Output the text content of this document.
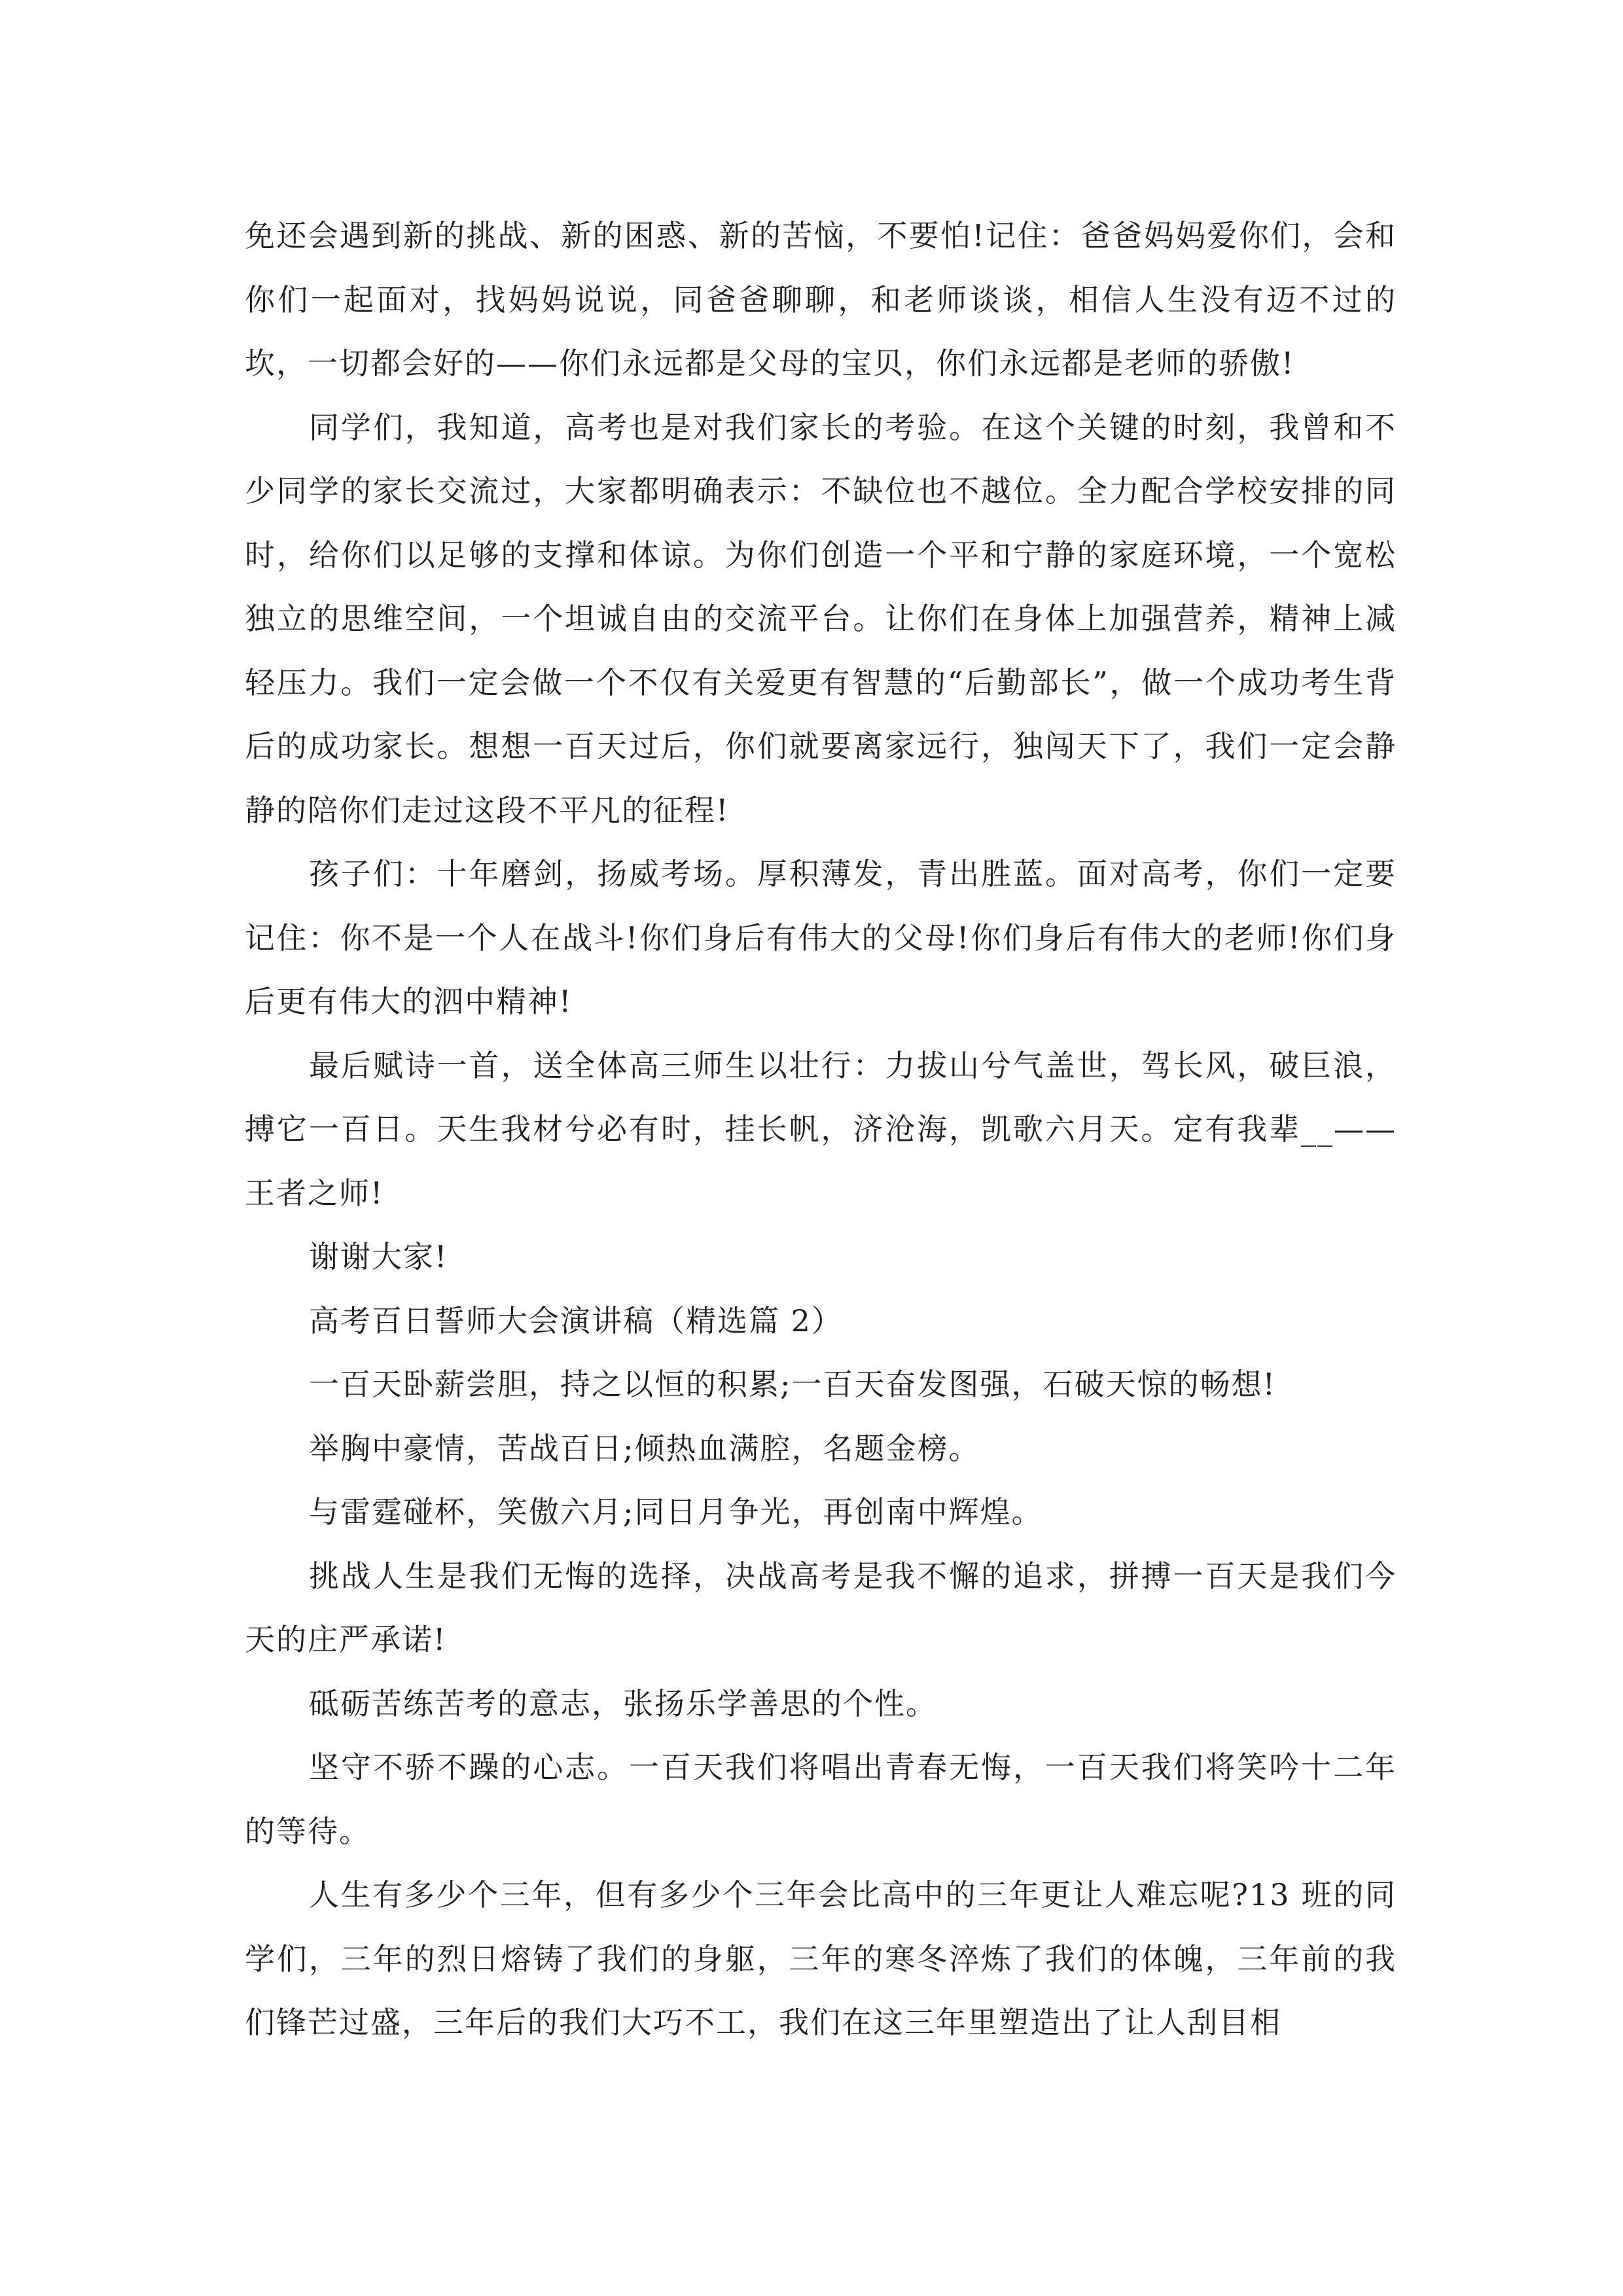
免还会遇到新的挑战、新的困惑、新的苦恼，不要怕!记住：爸爸妈妈爱你们，会和你们一起面对，找妈妈说说，同爸爸聊聊，和老师谈谈，相信人生没有迈不过的坎，一切都会好的——你们永远都是父母的宝贝，你们永远都是老师的骄傲!

同学们，我知道，高考也是对我们家长的考验。在这个关键的时刻，我曾和不少同学的家长交流过，大家都明确表示：不缺位也不越位。全力配合学校安排的同时，给你们以足够的支撑和体谅。为你们创造一个平和宁静的家庭环境，一个宽松独立的思维空间，一个坦诚自由的交流平台。让你们在身体上加强营养，精神上减轻压力。我们一定会做一个不仅有关爱更有智慧的“后勤部长”，做一个成功考生背后的成功家长。想想一百天过后，你们就要离家远行，独闯天下了，我们一定会静静的陪你们走过这段不平凡的征程!

孩子们：十年磨剑，扬威考场。厚积薄发，青出胜蓝。面对高考，你们一定要记住：你不是一个人在战斗!你们身后有伟大的父母!你们身后有伟大的老师!你们身后更有伟大的泗中精神!

最后赋诗一首，送全体高三师生以壮行：力拔山兮气盖世，驾长风，破巨浪，搏它一百日。天生我材兮必有时，挂长帆，济沧海，凯歌六月天。定有我辈__——王者之师!

谢谢大家!

高考百日誓师大会演讲稿（精选篇 2）

一百天卧薪尝胆，持之以恒的积累;一百天奋发图强，石破天惊的畅想!

举胸中豪情，苦战百日;倾热血满腔，名题金榜。

与雷霆碰杯，笑傲六月;同日月争光，再创南中辉煌。

挑战人生是我们无悔的选择，决战高考是我不懈的追求，拼搏一百天是我们今天的庄严承诺!

砥砺苦练苦考的意志，张扬乐学善思的个性。

坚守不骄不躁的心志。一百天我们将唱出青春无悔，一百天我们将笑吟十二年的等待。

人生有多少个三年，但有多少个三年会比高中的三年更让人难忘呢?13 班的同学们，三年的烈日熔铸了我们的身躯，三年的寒冬淬炼了我们的体魄，三年前的我们锋芒过盛，三年后的我们大巧不工，我们在这三年里塑造出了让人刮目相
